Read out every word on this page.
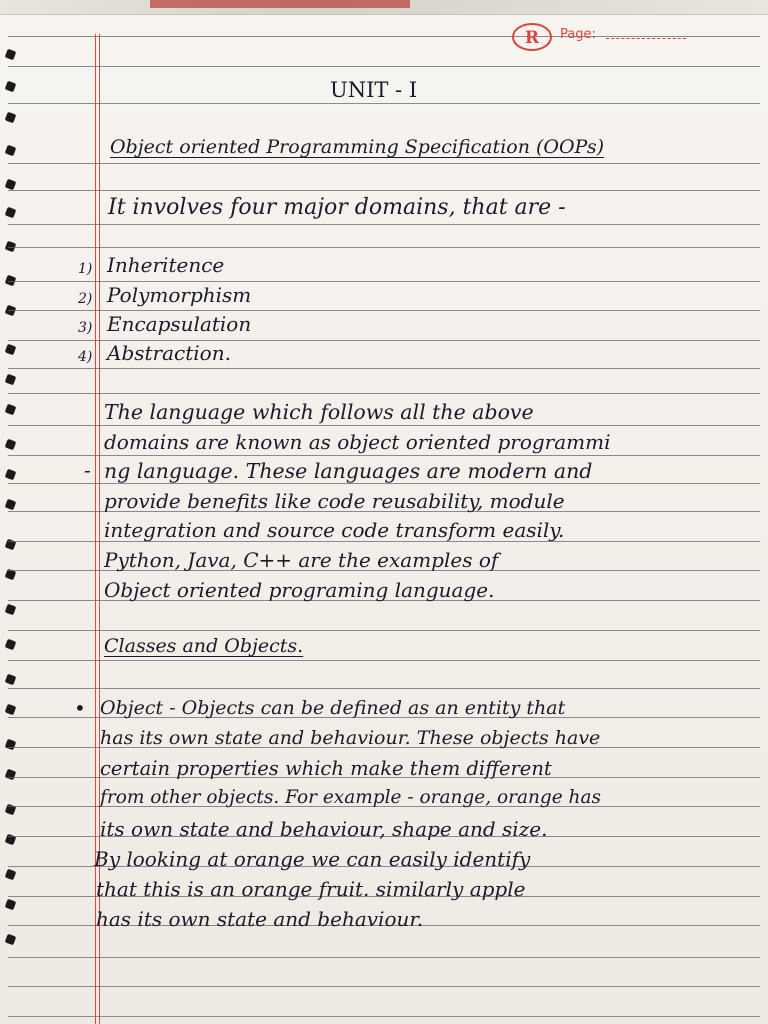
R Page:
UNIT - I
Object oriented Programming Specification (OOPs)
It involves four major domains, that are -
1) Inheritence
2) Polymorphism
3) Encapsulation
4) Abstraction.
-
The language which follows all the above
domains are known as object oriented programmi
ng language. These languages are modern and
provide benefits like code reusability, module
integration and source code transform easily.
Python, Java, C++ are the examples of
Object oriented programing language.
Classes and Objects.
• Object - Objects can be defined as an entity that
has its own state and behaviour. These objects have
certain properties which make them different
from other objects. For example - orange, orange has
its own state and behaviour, shape and size.
By looking at orange we can easily identify
that this is an orange fruit. similarly apple
has its own state and behaviour.
